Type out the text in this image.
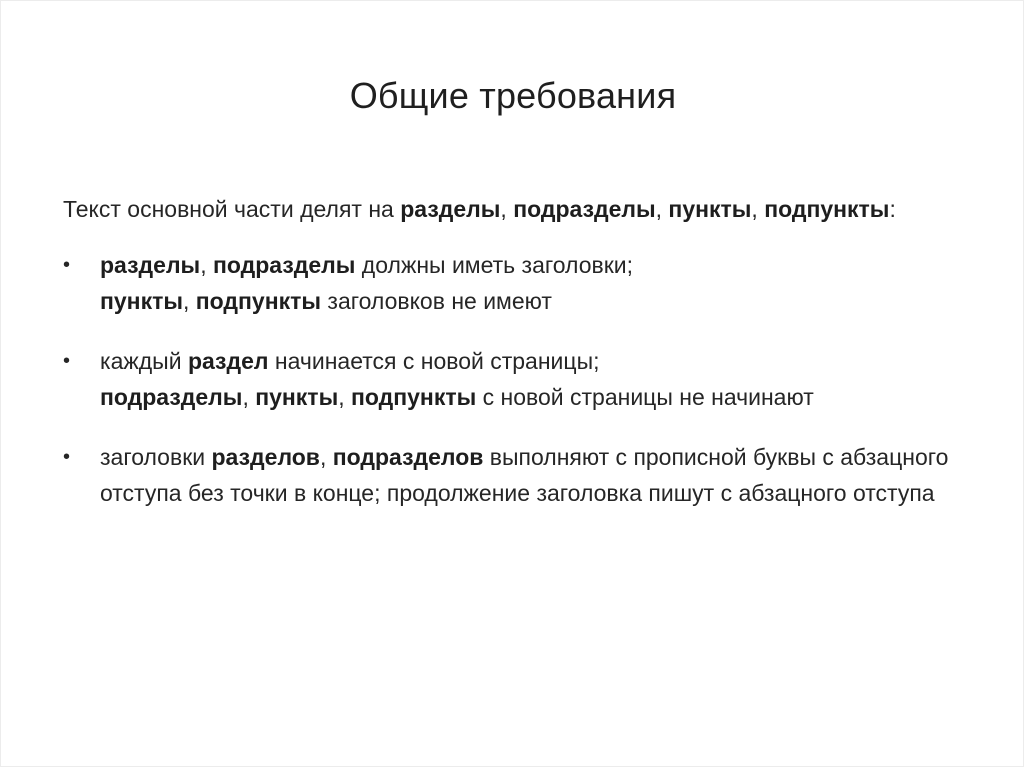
Общие требования

Текст основной части делят на разделы, подразделы, пункты, подпункты:

• разделы, подразделы должны иметь заголовки;
пункты, подпункты заголовков не имеют
• каждый раздел начинается с новой страницы;
подразделы, пункты, подпункты с новой страницы не начинают
• заголовки разделов, подразделов выполняют с прописной буквы с абзацного отступа без точки в конце; продолжение заголовка пишут с абзацного отступа
